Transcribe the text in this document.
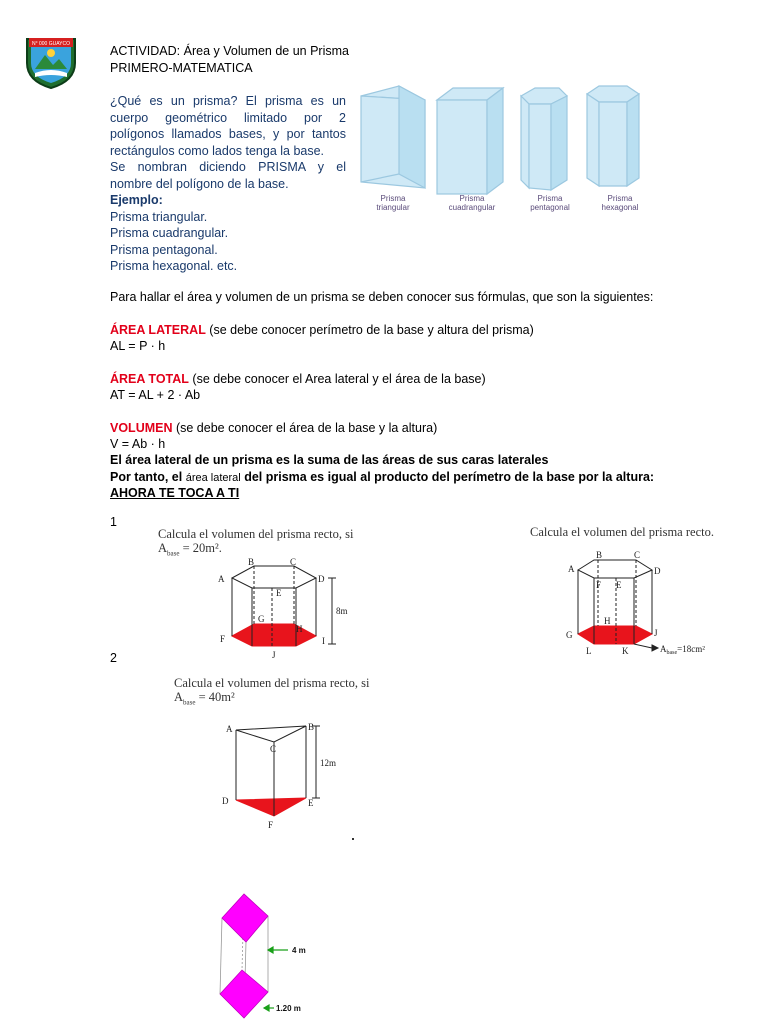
N° 000 GUAYCO	ACTIVIDAD: Área y Volumen de un Prisma
PRIMERO-MATEMATICA

¿Qué es un prisma? El prisma es un cuerpo geométrico limitado por 2 polígonos llamados bases, y por tantos rectángulos como lados tenga la base.

Se nombran diciendo PRISMA y el nombre del polígono de la base.

Ejemplo:
Prisma triangular.
Prisma cuadrangular.
Prisma pentagonal.
Prisma hexagonal. etc.
Prisma
triangular
Prisma
cuadrangular
Prisma
pentagonal
Prisma
hexagonal
Para hallar el área y volumen de un prisma se deben conocer sus fórmulas, que son la siguientes:
ÁREA LATERAL (se debe conocer perímetro de la base y altura del prisma)
AL = P · h
ÁREA TOTAL (se debe conocer el Area lateral y el área de la base)
AT = AL + 2 · Ab
VOLUMEN (se debe conocer el área de la base y la altura)
V = Ab · h
El área lateral de un prisma es la suma de las áreas de sus caras laterales
Por tanto, el área lateral del prisma es igual al producto del perímetro de la base por la altura:
AHORA TE TOCA A TI
1
2
Calcula el volumen del prisma recto, si
$A_{base} = 20m^2$.
A
B	C
D
E
G
H
F
J
I
8m
Calcula el volumen del prisma recto.
A
B	C
D
E
F
G
H
J
L	K	$A_{base}=18cm^2$
Calcula el volumen del prisma recto, si
$A_{base} = 40m^2$
A	B
C
D	E
F
12m
4 m
1.20 m
